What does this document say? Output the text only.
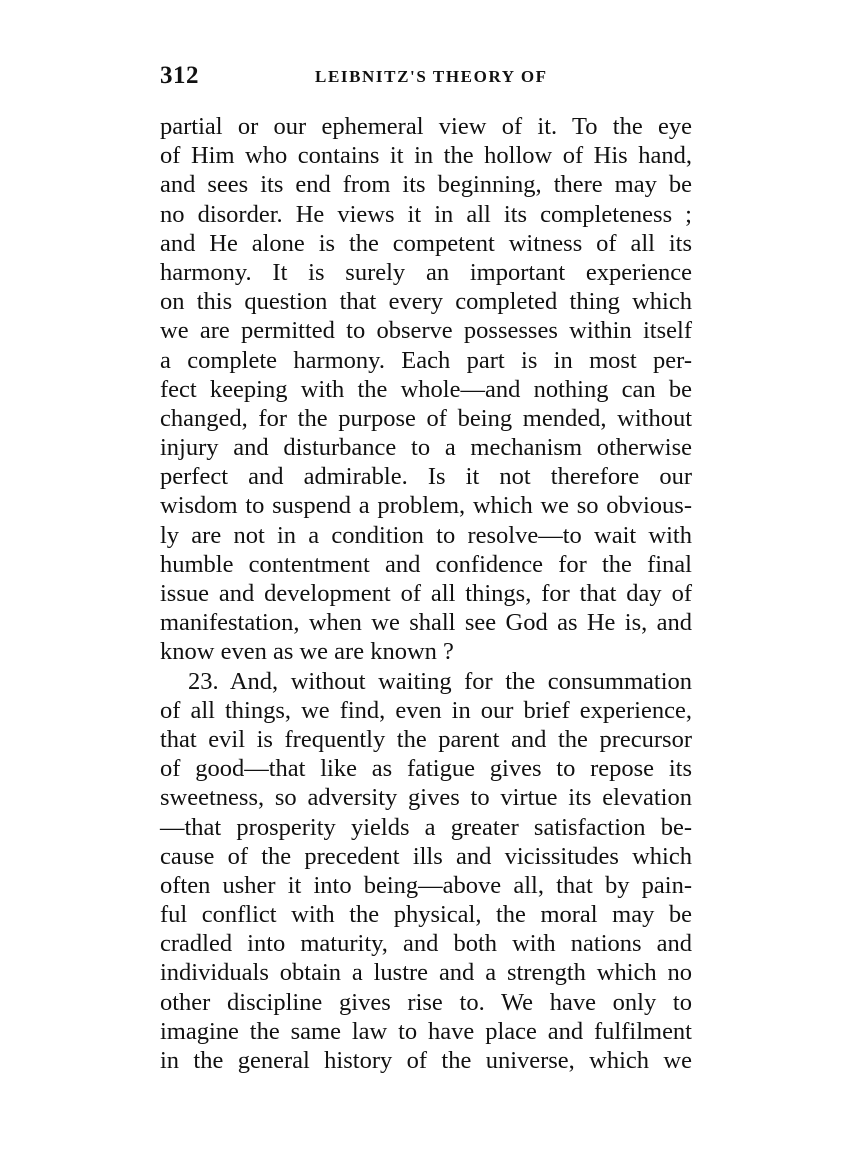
312	LEIBNITZ'S THEORY OF
partial or our ephemeral view of it. To the eye
of Him who contains it in the hollow of His hand,
and sees its end from its beginning, there may be
no disorder. He views it in all its completeness ;
and He alone is the competent witness of all its
harmony. It is surely an important experience
on this question that every completed thing which
we are permitted to observe possesses within itself
a complete harmony. Each part is in most per-
fect keeping with the whole—and nothing can be
changed, for the purpose of being mended, without
injury and disturbance to a mechanism otherwise
perfect and admirable. Is it not therefore our
wisdom to suspend a problem, which we so obvious-
ly are not in a condition to resolve—to wait with
humble contentment and confidence for the final
issue and development of all things, for that day of
manifestation, when we shall see God as He is, and
know even as we are known ?
23. And, without waiting for the consummation
of all things, we find, even in our brief experience,
that evil is frequently the parent and the precursor
of good—that like as fatigue gives to repose its
sweetness, so adversity gives to virtue its elevation
—that prosperity yields a greater satisfaction be-
cause of the precedent ills and vicissitudes which
often usher it into being—above all, that by pain-
ful conflict with the physical, the moral may be
cradled into maturity, and both with nations and
individuals obtain a lustre and a strength which no
other discipline gives rise to. We have only to
imagine the same law to have place and fulfilment
in the general history of the universe, which we
